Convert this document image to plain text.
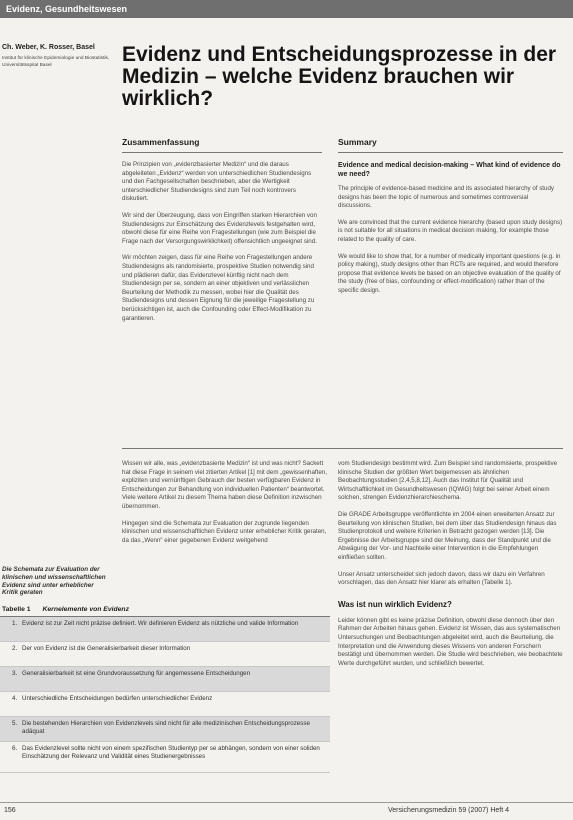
Evidenz, Gesundheitswesen
Ch. Weber, K. Rosser, Basel
Institut für klinische Epidemiologie und Biostatistik, Universitätsspital Basel	Evidenz und Entscheidungsprozesse in der Medizin – welche Evidenz brauchen wir wirklich?
Zusammenfassung

Die Prinzipien von „evidenzbasierter Medizin“ und die daraus abgeleiteten „Evidenz“ werden von unterschiedlichen Studiendesigns und den Fachgesellschaften beschrieben, aber die Wertigkeit unterschiedlicher Studiendesigns sind zum Teil noch kontrovers diskutiert.

Wir sind der Überzeugung, dass von Eingriffen starken Hierarchien von Studiendesigns zur Einschätzung des Evidenzlevels festgehalten wird, obwohl diese für eine Reihe von Fragestellungen (wie zum Beispiel die Frage nach der Versorgungswirklichkeit) offensichtlich ungeeignet sind.

Wir möchten zeigen, dass für eine Reihe von Fragestellungen andere Studiendesigns als randomisierte, prospektive Studien notwendig sind und plädieren dafür, das Evidenzlevel künftig nicht nach dem Studiendesign per se, sondern an einer objektiven und verlässlichen Beurteilung der Methodik zu messen, wobei hier die Qualität des Studiendesigns und dessen Eignung für die jeweilige Fragestellung zu berücksichtigen ist, auch die Confounding oder Effect-Modifikation zu garantieren.

Summary
Evidence and medical decision-making – What kind of evidence do we need?

The principle of evidence-based medicine and its associated hierarchy of study designs has been the topic of numerous and sometimes controversial discussions.

We are convinced that the current evidence hierarchy (based upon study designs) is not suitable for all situations in medical decision making, for example those related to the quality of care.

We would like to show that, for a number of medically important questions (e.g. in policy making), study designs other than RCTs are required, and would therefore propose that evidence levels be based on an objective evaluation of the quality of the study (free of bias, confounding or effect-modification) rather than of the specific design.

Wissen wir alle, was „evidenzbasierte Medizin“ ist und was nicht? Sackett hat diese Frage in seinem viel zitierten Artikel [1] mit dem „gewissenhaften, expliziten und vernünftigen Gebrauch der besten verfügbaren Evidenz in Entscheidungen zur Behandlung von individuellen Patienten“ beantwortet. Viele weitere Artikel zu diesem Thema haben diese Definition inzwischen übernommen.

Hingegen sind die Schemata zur Evaluation der zugrunde liegenden klinischen und wissenschaftlichen Evidenz unter erheblicher Kritik geraten, da das „Wenn“ einer gegebenen Evidenz weitgehend

Die Schemata zur Evaluation der klinischen und wissenschaftlichen Evidenz sind unter erheblicher Kritik geraten

vom Studiendesign bestimmt wird. Zum Beispiel sind randomisierte, prospektive klinische Studien der größten Wert beigemessen als ähnlichen Beobachtungsstudien [2,4,5,8,12]. Auch das Institut für Qualität und Wirtschaftlichkeit im Gesundheitswesen (IQWiG) folgt bei seiner Arbeit einem solchen, strengen Evidenzhierarchieschema.

Die GRADE Arbeitsgruppe veröffentlichte im 2004 einen erweiterten Ansatz zur Beurteilung von klinischen Studien, bei dem über das Studiendesign hinaus das Studienprotokoll und weitere Kriterien in Betracht gezogen werden [13]. Die Ergebnisse der Arbeitsgruppe sind der Meinung, dass der Standpunkt und die Abwägung der Vor- und Nachteile einer Intervention in die Empfehlungen einfließen sollten.

Unser Ansatz unterscheidet sich jedoch davon, dass wir dazu ein Verfahren vorschlagen, das den Ansatz hier klarer als erhalten (Tabelle 1).

Was ist nun wirklich Evidenz?

Leider können gibt es keine präzise Definition, obwohl diese dennoch über den Rahmen der Arbeiten hinaus gehen. Evidenz ist Wissen, das aus systematischen Untersuchungen und Beobachtungen abgeleitet wird, auch die Beurteilung, die Interpretation und die Anwendung dieses Wissens von anderen Forschern bestätigt und übernommen werden. Die Studie wird beschrieben, wie beobachtete Werte durchgeführt wurden, und schließlich bewertet.

Tabelle 1 Kernelemente von Evidenz
1. Evidenz ist zur Zeit nicht präzise definiert. Wir definieren Evidenz als nützliche und valide Information
2. Der von Evidenz ist die Generalisierbarkeit dieser Information
3. Generalisierbarkeit ist eine Grundvoraussetzung für angemessene Entscheidungen
4. Unterschiedliche Entscheidungen bedürfen unterschiedlicher Evidenz
5. Die bestehenden Hierarchien von Evidenzlevels sind nicht für alle medizinischen Entscheidungsprozesse adäquat
6. Das Evidenzlevel sollte nicht von einem spezifischen Studientyp per se abhängen, sondern von einer soliden Einschätzung der Relevanz und Validität eines Studienergebnisses
156	Versicherungsmedizin 59 (2007) Heft 4
